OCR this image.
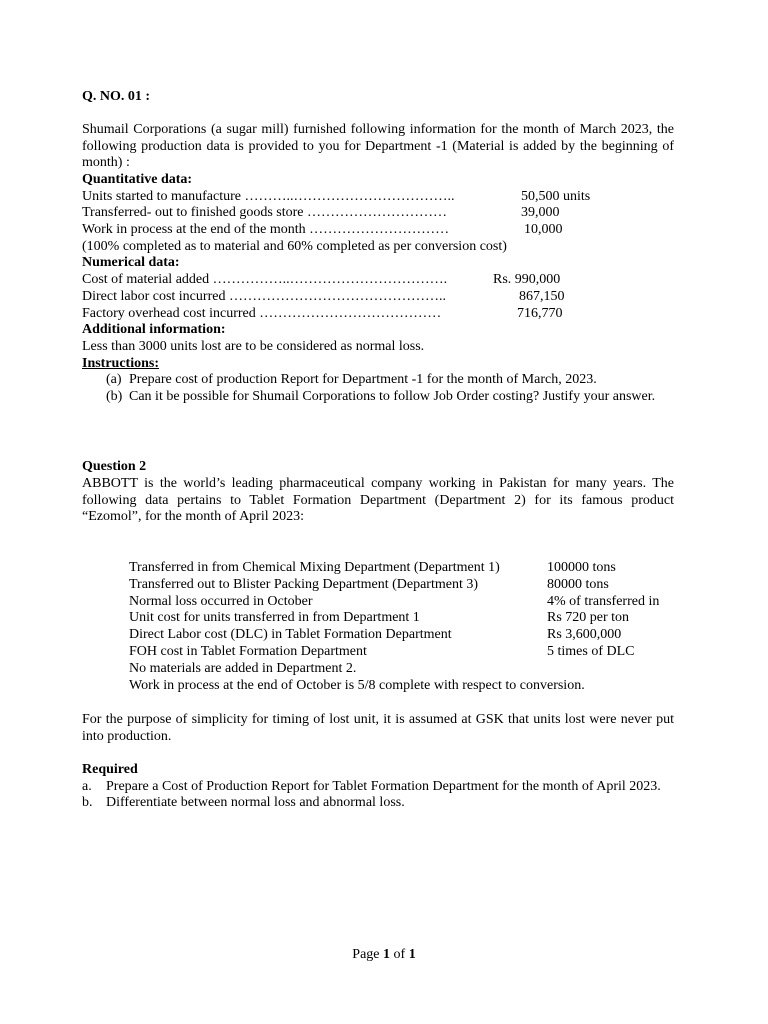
Q. NO. 01 :
Shumail Corporations (a sugar mill) furnished following information for the month of March 2023, the following production data is provided to you for Department -1 (Material is added by the beginning of month) :
Quantitative data:
Units started to manufacture ………..……………………………..	50,500 units
Transferred- out to finished goods store …………………………	39,000
Work in process at the end of the month …………………………	10,000
(100% completed as to material and 60% completed as per conversion cost)
Numerical data:
Cost of material added ……………..…………………………….	Rs. 990,000
Direct labor cost incurred ………………………………………..	867,150
Factory overhead cost incurred …………………………………	716,770
Additional information:
Less than 3000 units lost are to be considered as normal loss.
Instructions:
(a) Prepare cost of production Report for Department -1 for the month of March, 2023.
(b) Can it be possible for Shumail Corporations to follow Job Order costing? Justify your answer.
Question 2
ABBOTT is the world’s leading pharmaceutical company working in Pakistan for many years. The following data pertains to Tablet Formation Department (Department 2) for its famous product “Ezomol”, for the month of April 2023:
Transferred in from Chemical Mixing Department (Department 1)	100000 tons
Transferred out to Blister Packing Department (Department 3)	80000 tons
Normal loss occurred in October	4% of transferred in
Unit cost for units transferred in from Department 1	Rs 720 per ton
Direct Labor cost (DLC) in Tablet Formation Department	Rs 3,600,000
FOH cost in Tablet Formation Department	5 times of DLC
No materials are added in Department 2.
Work in process at the end of October is 5/8 complete with respect to conversion.
For the purpose of simplicity for timing of lost unit, it is assumed at GSK that units lost were never put into production.
Required
a.	Prepare a Cost of Production Report for Tablet Formation Department for the month of April 2023.
b. Differentiate between normal loss and abnormal loss.
Page 1 of 1
